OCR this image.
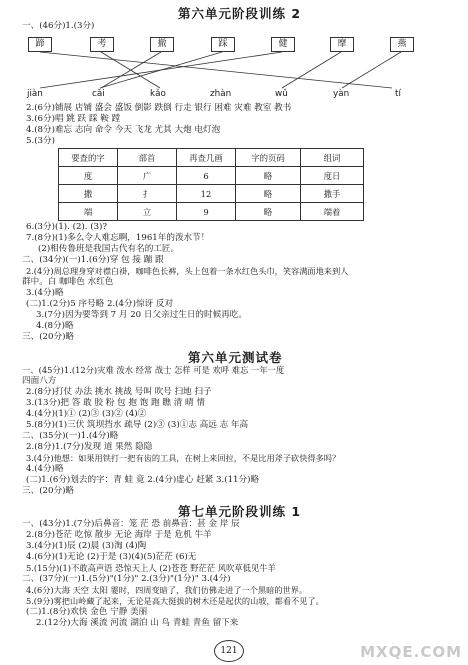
第六单元阶段训练 2
一、(46分)1.(3分)
蹄	考	撤	踩	健	摩	燕
jiàn	cǎi	kǎo	zhàn	wǔ	yàn	tí
2.(6分)铺展 店铺 盛会 盛饭 倒影 跌倒 行走 银行 困难 灾难 教室 教书
3.(6分)唱 跳 跃 踩 鞍 蹚
4.(8分)难忘 志向 命令 今天 飞龙 尤其 大炮 电灯泡
5.(3分)
要查的字	部首	再查几画	字的页码	组词
度	广	6	略	度日
撒	扌	12	略	撒手
端	立	9	略	端着
6.(3分)(1). (2). (3)?
7.(8分)(1)多么令人难忘啊，1961年的泼水节！
(2)相传鲁班是我国古代有名的工匠。
二、(34分)(一)1.(6分)穿 包 接 蹦 跟
2.(4分)周总理身穿对襟白褂，咖啡色长裤，头上包着一条水红色头巾，笑容满面地来到人
群中。白 咖啡色 水红色
3.(4分)略
(二)1.(2分)5 序号略 2.(4分)惊讶 反对
3.(7分)因为要等到 7 月 20 日父亲过生日的时候再吃。
4.(8分)略
三、(20分)略
第六单元测试卷
一、(45分)1.(12分)灾难 泼水 经常 战士 怎样 可是 欢呼 难忘 一年一度
四面八方
2.(8分)打仗 办法 挑水 挑战 号叫 吹号 扫地 扫子
3.(13分)把 答 敢 胶 粉 包 抱 饱 跑 瞧 清 晴 情
4.(4分)(1)① (2)③ (3)② (4)②
5.(8分)(1)三伏 筑坝挡水 疏导 (2)③ (3)①志 高远 志 年高
二、(35分)(一)1.(4分)略
2.(8分)1.(7分)发现 道 果然 隐隐
3.(4分)他想：如果用铁打一把有齿的工具，在树上来回拉，不是比用斧子砍快得多吗？
4.(4分)略
(二)1.(6分)划去的字：青 蛙 竟 2.(4分)虚心 赶紧 3.(11分)略
三、(20分)略
第七单元阶段训练 1
一、(43分)1.(7分)后鼻音：笼 茫 恐 前鼻音：甚 金 岸 辰
2.(8分)苍茫 吃惊 散步 无论 海岸 于是 危机 牛羊
3.(4分)(1)辰 (2)晨 (3)淘 (4)陶
4.(6分)(1)无论 (2)于是 (3)(4)(5)茫茫 (6)无
5.(15分)(1)不敢高声语 恐惊天上人 (2)苍苍 野茫茫 风吹草低见牛羊
二、(37分)(一)1.(5分)"(1分)" 2.(3分)"(1分)" 3.(4分)
4.(6分)大海 天空 太阳 霎时，四周变暗了，我们仿佛走进了一个黑暗的世界。
5.(9分)雾把山岭藏了起来，无论是高大挺拔的树木还是起伏的山坡，都看不见了。
(二)1.(8分)欢快 金色 宁静 美丽
2.(12分)大海 溪流 河流 湖泊 山 鸟 青蛙 青鱼 留下来
121	MXQE.COM
